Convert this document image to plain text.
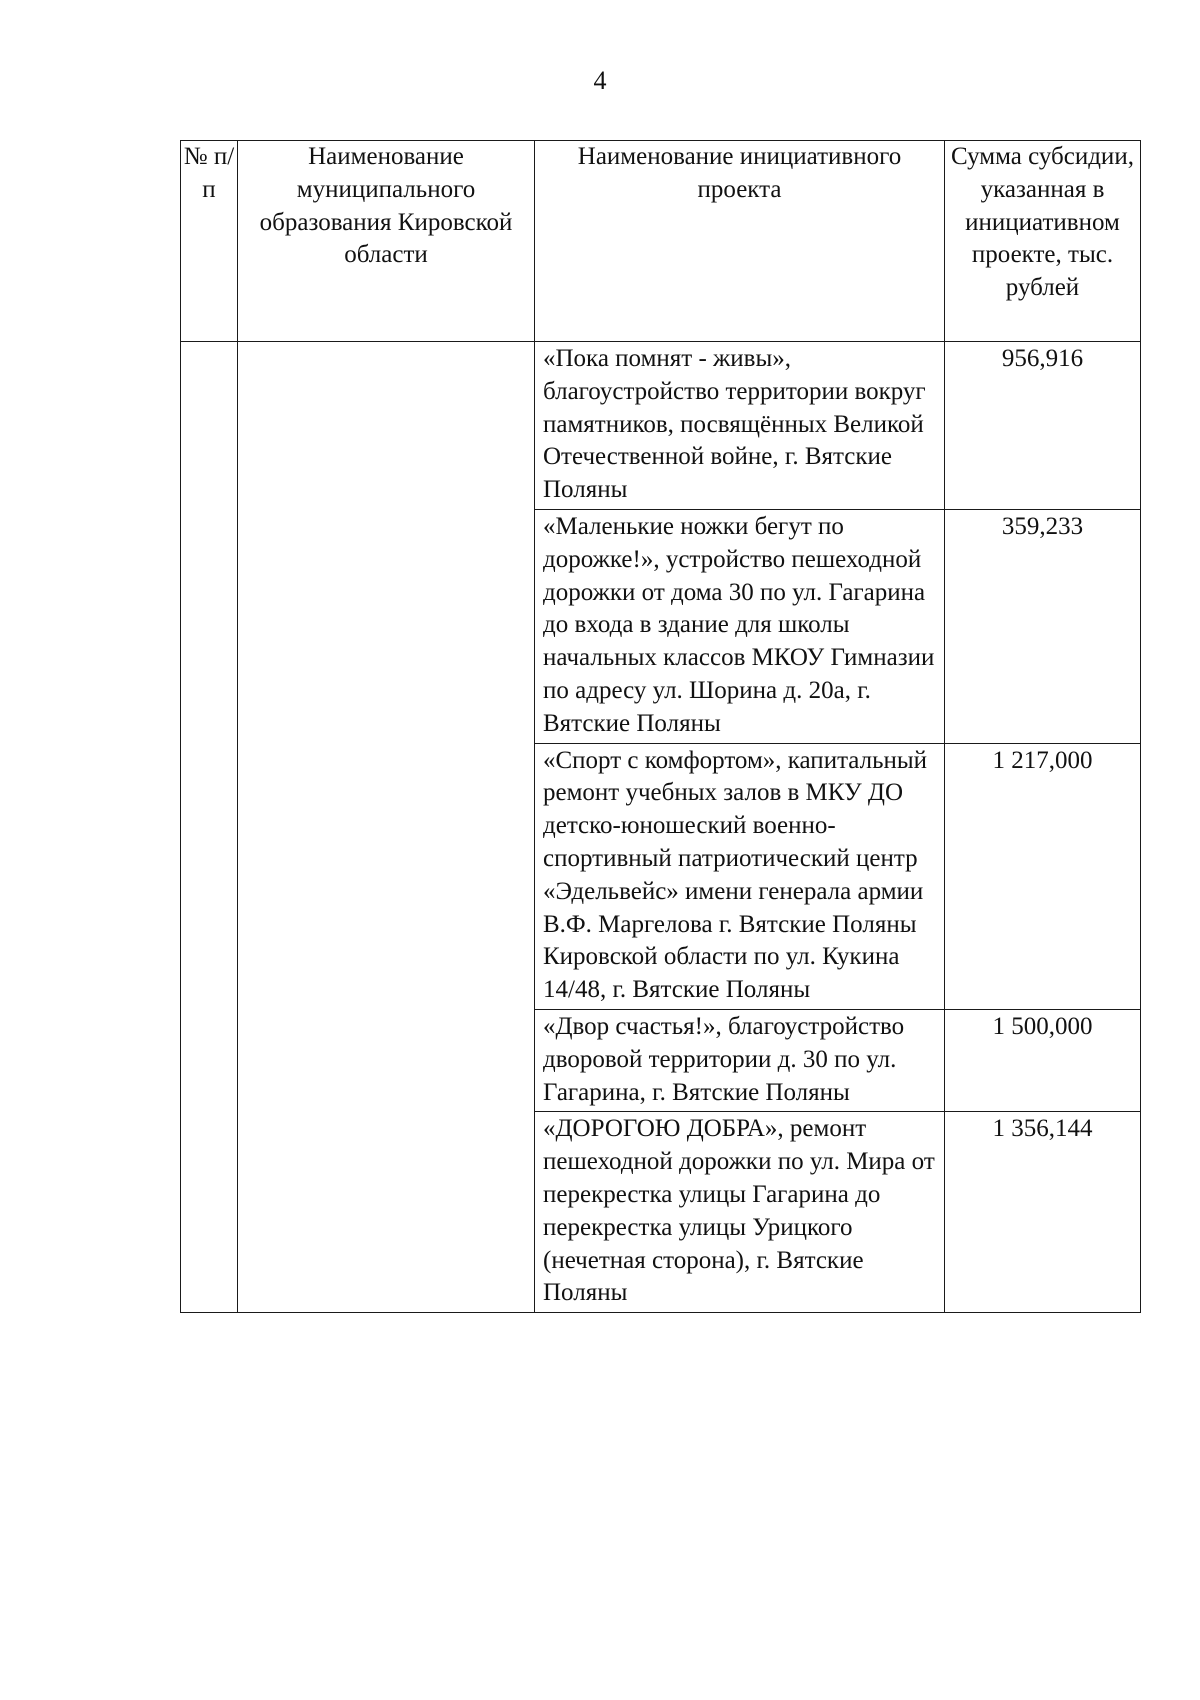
4
№ п/п	Наименование муниципального образования Кировской области	Наименование инициативного проекта	Сумма субсидии, указанная в инициативном проекте, тыс. рублей
		«Пока помнят - живы», благоустройство территории вокруг памятников, посвящённых Великой Отечественной войне, г. Вятские Поляны	956,916
		«Маленькие ножки бегут по дорожке!», устройство пешеходной дорожки от дома 30 по ул. Гагарина до входа в здание для школы начальных классов МКОУ Гимназии по адресу ул. Шорина д. 20а, г. Вятские Поляны	359,233
		«Спорт с комфортом», капитальный ремонт учебных залов в МКУ ДО детско-юношеский военно-спортивный патриотический центр «Эдельвейс» имени генерала армии В.Ф. Маргелова г. Вятские Поляны Кировской области по ул. Кукина 14/48, г. Вятские Поляны	1 217,000
		«Двор счастья!», благоустройство дворовой территории д. 30 по ул. Гагарина, г. Вятские Поляны	1 500,000
		«ДОРОГОЮ ДОБРА», ремонт пешеходной дорожки по ул. Мира от перекрестка улицы Гагарина до перекрестка улицы Урицкого (нечетная сторона), г. Вятские Поляны	1 356,144
